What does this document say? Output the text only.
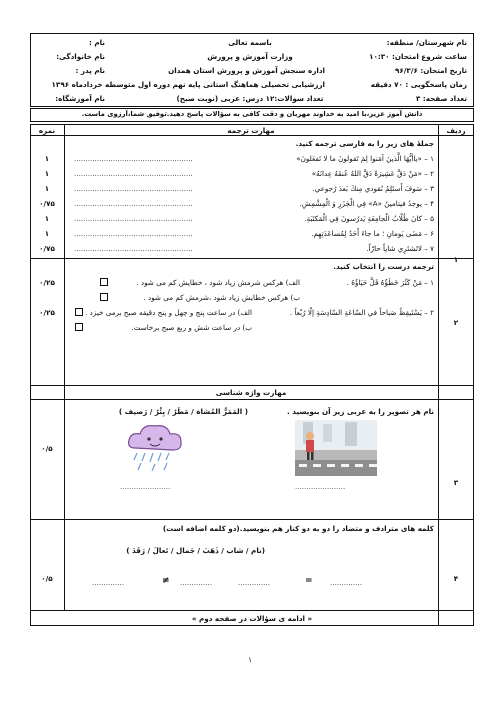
نام شهرستان/ منطقه:
ساعت شروع امتحان: ۱۰:۳۰
تاریخ امتحان: ۹۶/۳/۶
زمان پاسخگویی : ۷۰ دقیقه
تعداد صفحه: ۳
باسمه تعالی
وزارت آموزش و پرورش
اداره سنجش آموزش و پرورش استان همدان
ارزشیابی تحصیلی هماهنگ استانی پایه نهم دوره اول متوسطه خردادماه ۱۳۹۶
تعداد سوالات:۱۲ درس: عربی (نوبت صبح)
نام :
نام خانوادگی:
نام پدر :
نام آموزشگاه:
دانش آموز عزیز،با امید به خداوند مهربان و دقت کافی به سؤالات پاسخ دهید.توفیق شما،آرزوی ماست.
ردیف
نمره	مهارت ترجمه
۱
جملهٔ های زیر را به فارسی ترجمه کنید.
۱ – «یاأیُّهَا الَّذینَ آمَنوا لِمَ تَقولونَ ما لا تَفعَلونَ»
....................................................
۱
۲ – «مَنْ دَقَّ عَشِیرَةً دَقَّ اللهُ عُنقَهُ عِدانَهُ»
....................................................
۱
۳ – سَوفَ أَستَلِمُ نُقودي مِنكَ بَعدَ رُجوعي.
....................................................
۱
۴ – يوجدُ فيتامينُ «A» فِي الْجَزَرِ وَ الْمِشْمِشِ.
....................................................
۰/۷۵
۵ – كانَ طُلّابُ الْجامِعَةِ يَدرُسونَ فِي الْمَكتَبَةِ.
....................................................
۱
۶ – مَضَى يَومانِ ؛ ما جاءَ أَحَدٌ لِمُساعَدَتِهِم.
....................................................
۱
۷ – لاتَشتَرِي شاياً حارّاً.
....................................................
۰/۷۵
۲
ترجمه درست را انتخاب کنید.
۱ – مَنْ كَثُرَ خَطَؤُهُ قَلَّ حَيَاؤُهُ .
الف) هرکس شرمش زیاد شود ، خطایش کم می شود .
ب) هرکس خطایش زیاد شود ،شرمش کم می شود .
۰/۲۵
۲ – يَسْتَيقِظُ صَباحاً في السّاعَةِ السّادِسَةِ إلّا رُبْعاً .
الف) در ساعت پنج و چهل و پنج دقیقه صبح برمی خیزد .
ب) در ساعت شش و ربع صبح برخاست.
۰/۲۵
مهارت واژه شناسی
۳
۰/۵
نام هر تصویر را به عربی زیر آن بنویسید .
( المَمَرُّ المُشاة / مَطَرٌ / بِئْرٌ / رَصيف )
......................	......................
۴
۰/۵
کلمه های مترادف و متضاد را دو به دو کنار هم بنویسید.(دو کلمه اضافه است)
(نام / شاب / ذَهَبَ / جَمال / تَعالَ / رَقَدَ )
..............
=
..............
..............
≠
..............
« ادامه ی سؤالات در صفحه دوم »
۱
